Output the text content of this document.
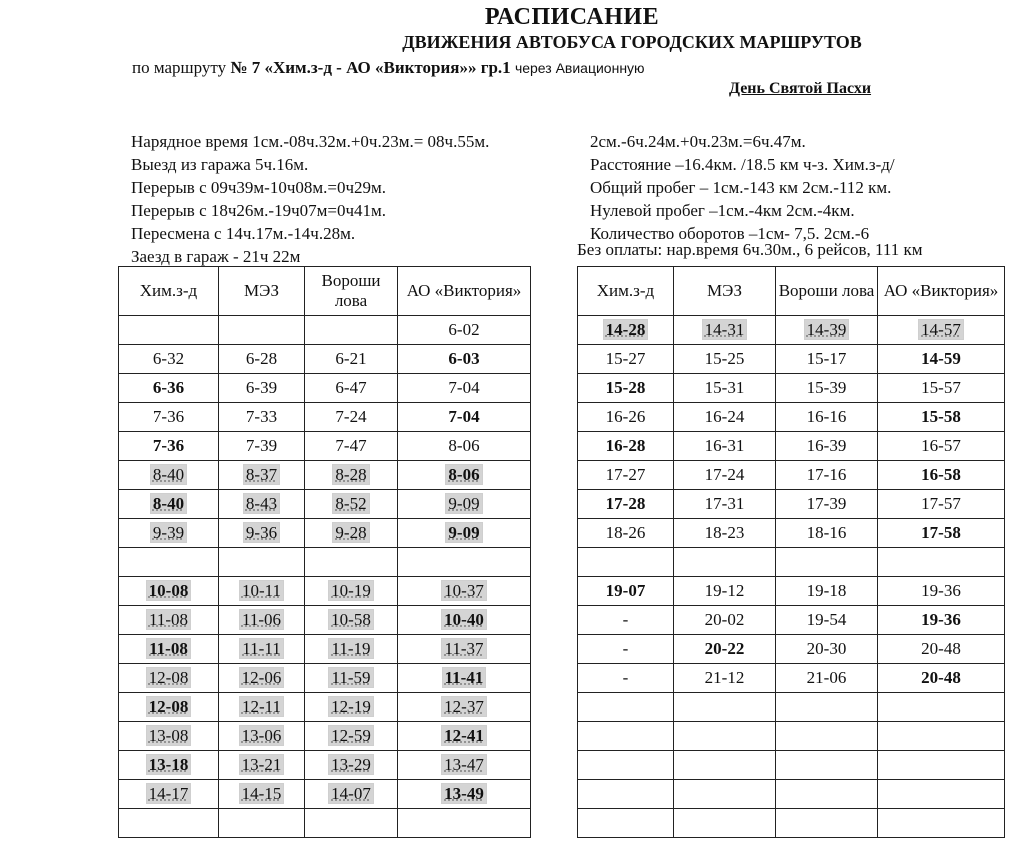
РАСПИСАНИЕ
ДВИЖЕНИЯ АВТОБУСА ГОРОДСКИХ МАРШРУТОВ
по маршруту № 7 «Хим.з-д - АО «Виктория»» гр.1 через Авиационную
День Святой Пасхи
Нарядное время 1см.-08ч.32м.+0ч.23м.= 08ч.55м.
Выезд из гаража 5ч.16м.
Перерыв с 09ч39м-10ч08м.=0ч29м.
Перерыв с 18ч26м.-19ч07м=0ч41м.
Пересмена с 14ч.17м.-14ч.28м.
Заезд в гараж - 21ч 22м
2см.-6ч.24м.+0ч.23м.=6ч.47м.
Расстояние –16.4км. /18.5 км ч-з. Хим.з-д/
Общий пробег – 1см.-143 км 2см.-112 км.
Нулевой пробег –1см.-4км 2см.-4км.
Количество оборотов –1см- 7,5. 2см.-6
Без оплаты: нар.время 6ч.30м., 6 рейсов, 111 км
Хим.з-д	МЭЗ	Вороши лова	АО «Виктория»
			6-02
6-32	6-28	6-21	6-03
6-36	6-39	6-47	7-04
7-36	7-33	7-24	7-04
7-36	7-39	7-47	8-06
8-40	8-37	8-28	8-06
8-40	8-43	8-52	9-09
9-39	9-36	9-28	9-09

10-08	10-11	10-19	10-37
11-08	11-06	10-58	10-40
11-08	11-11	11-19	11-37
12-08	12-06	11-59	11-41
12-08	12-11	12-19	12-37
13-08	13-06	12-59	12-41
13-18	13-21	13-29	13-47
14-17	14-15	14-07	13-49

Хим.з-д	МЭЗ	Вороши лова	АО «Виктория»
14-28	14-31	14-39	14-57
15-27	15-25	15-17	14-59
15-28	15-31	15-39	15-57
16-26	16-24	16-16	15-58
16-28	16-31	16-39	16-57
17-27	17-24	17-16	16-58
17-28	17-31	17-39	17-57
18-26	18-23	18-16	17-58

19-07	19-12	19-18	19-36
-	20-02	19-54	19-36
-	20-22	20-30	20-48
-	21-12	21-06	20-48
